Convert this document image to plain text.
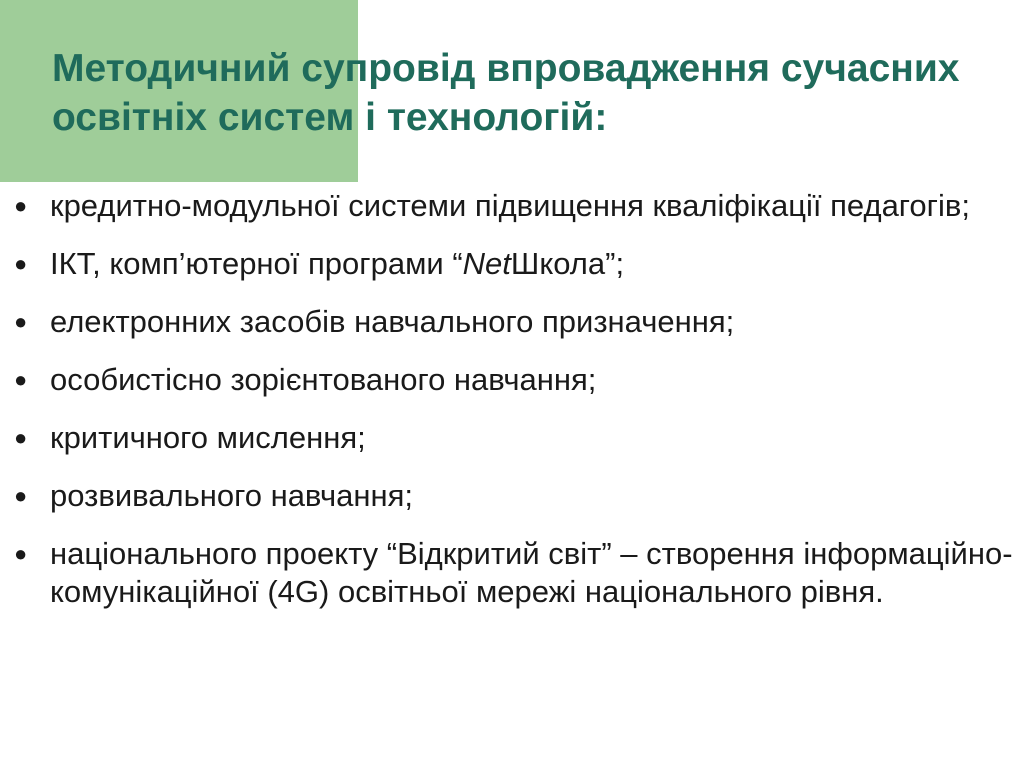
Методичний супровід впровадження сучасних освітніх систем і технологій:
● кредитно-модульної системи підвищення кваліфікації педагогів;
● ІКТ, комп’ютерної програми “NetШкола”;
● електронних засобів навчального призначення;
● особистісно зорієнтованого навчання;
● критичного мислення;
● розвивального навчання;
● національного проекту “Відкритий світ” – створення інформаційно-комунікаційної (4G) освітньої мережі національного рівня.
